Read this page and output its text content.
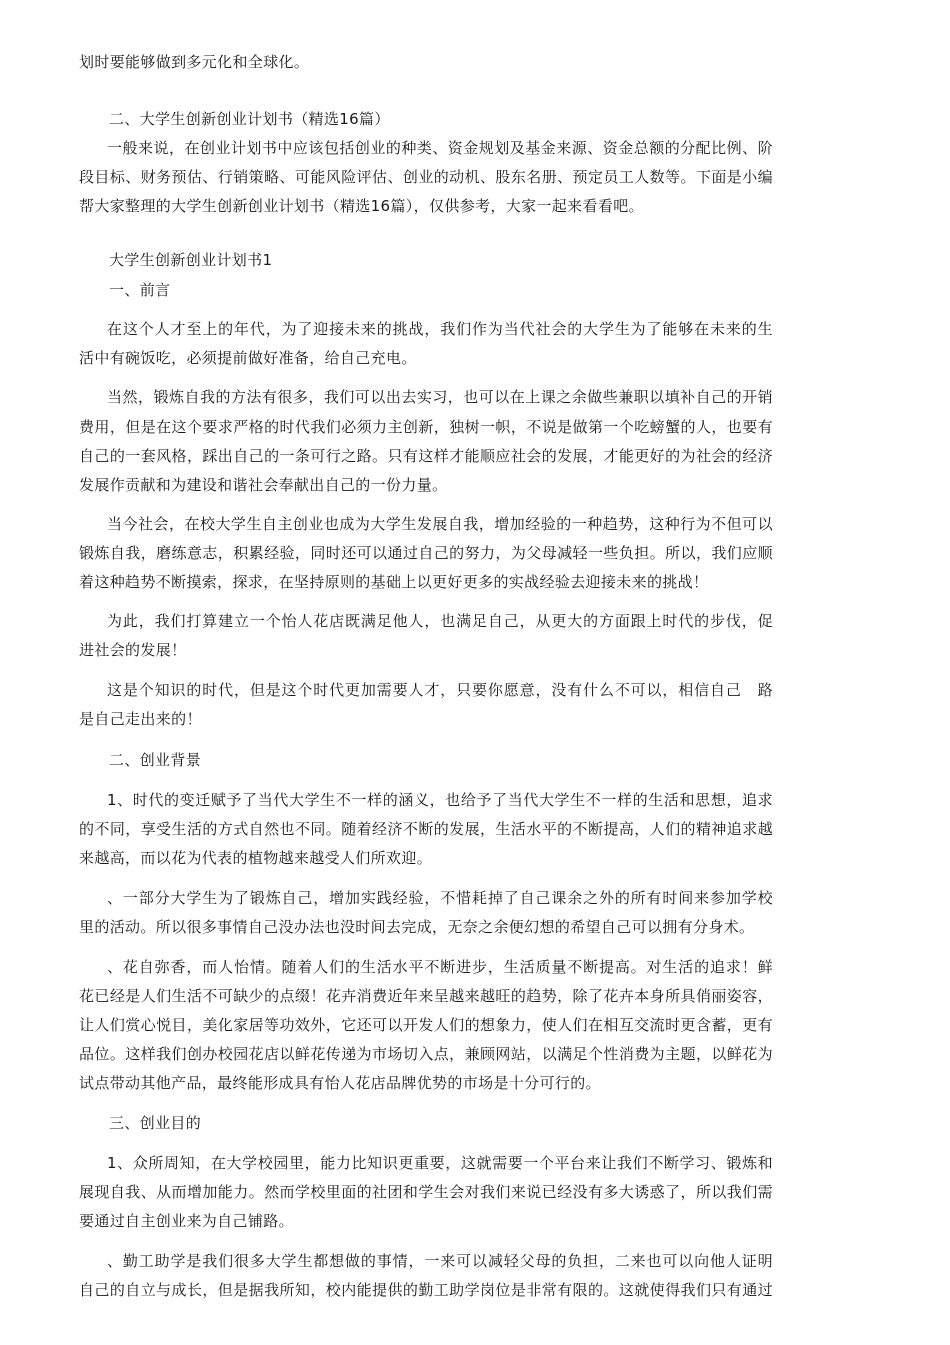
划时要能够做到多元化和全球化。
二、大学生创新创业计划书（精选16篇）
一般来说，在创业计划书中应该包括创业的种类、资金规划及基金来源、资金总额的分配比例、阶
段目标、财务预估、行销策略、可能风险评估、创业的动机、股东名册、预定员工人数等。下面是小编
帮大家整理的大学生创新创业计划书（精选16篇），仅供参考，大家一起来看看吧。
大学生创新创业计划书1
一、前言
在这个人才至上的年代，为了迎接未来的挑战，我们作为当代社会的大学生为了能够在未来的生
活中有碗饭吃，必须提前做好准备，给自己充电。
当然，锻炼自我的方法有很多，我们可以出去实习，也可以在上课之余做些兼职以填补自己的开销
费用，但是在这个要求严格的时代我们必须力主创新，独树一帜，不说是做第一个吃螃蟹的人，也要有
自己的一套风格，踩出自己的一条可行之路。只有这样才能顺应社会的发展，才能更好的为社会的经济
发展作贡献和为建设和谐社会奉献出自己的一份力量。
当今社会，在校大学生自主创业也成为大学生发展自我，增加经验的一种趋势，这种行为不但可以
锻炼自我，磨练意志，积累经验，同时还可以通过自己的努力，为父母减轻一些负担。所以，我们应顺
着这种趋势不断摸索，探求，在坚持原则的基础上以更好更多的实战经验去迎接未来的挑战！
为此，我们打算建立一个怡人花店既满足他人，也满足自己，从更大的方面跟上时代的步伐，促
进社会的发展！
这是个知识的时代，但是这个时代更加需要人才，只要你愿意，没有什么不可以，相信自己　路
是自己走出来的！
二、创业背景
1、时代的变迁赋予了当代大学生不一样的涵义，也给予了当代大学生不一样的生活和思想，追求
的不同，享受生活的方式自然也不同。随着经济不断的发展，生活水平的不断提高，人们的精神追求越
来越高，而以花为代表的植物越来越受人们所欢迎。
、一部分大学生为了锻炼自己，增加实践经验，不惜耗掉了自己课余之外的所有时间来参加学校
里的活动。所以很多事情自己没办法也没时间去完成，无奈之余便幻想的希望自己可以拥有分身术。
、花自弥香，而人怡情。随着人们的生活水平不断进步，生活质量不断提高。对生活的追求！鲜
花已经是人们生活不可缺少的点缀！花卉消费近年来呈越来越旺的趋势，除了花卉本身所具俏丽姿容，
让人们赏心悦目，美化家居等功效外，它还可以开发人们的想象力，使人们在相互交流时更含蓄，更有
品位。这样我们创办校园花店以鲜花传递为市场切入点，兼顾网站，以满足个性消费为主题，以鲜花为
试点带动其他产品，最终能形成具有怡人花店品牌优势的市场是十分可行的。
三、创业目的
1、众所周知，在大学校园里，能力比知识更重要，这就需要一个平台来让我们不断学习、锻炼和
展现自我、从而增加能力。然而学校里面的社团和学生会对我们来说已经没有多大诱惑了，所以我们需
要通过自主创业来为自己铺路。
、勤工助学是我们很多大学生都想做的事情，一来可以减轻父母的负担，二来也可以向他人证明
自己的自立与成长，但是据我所知，校内能提供的勤工助学岗位是非常有限的。这就使得我们只有通过
